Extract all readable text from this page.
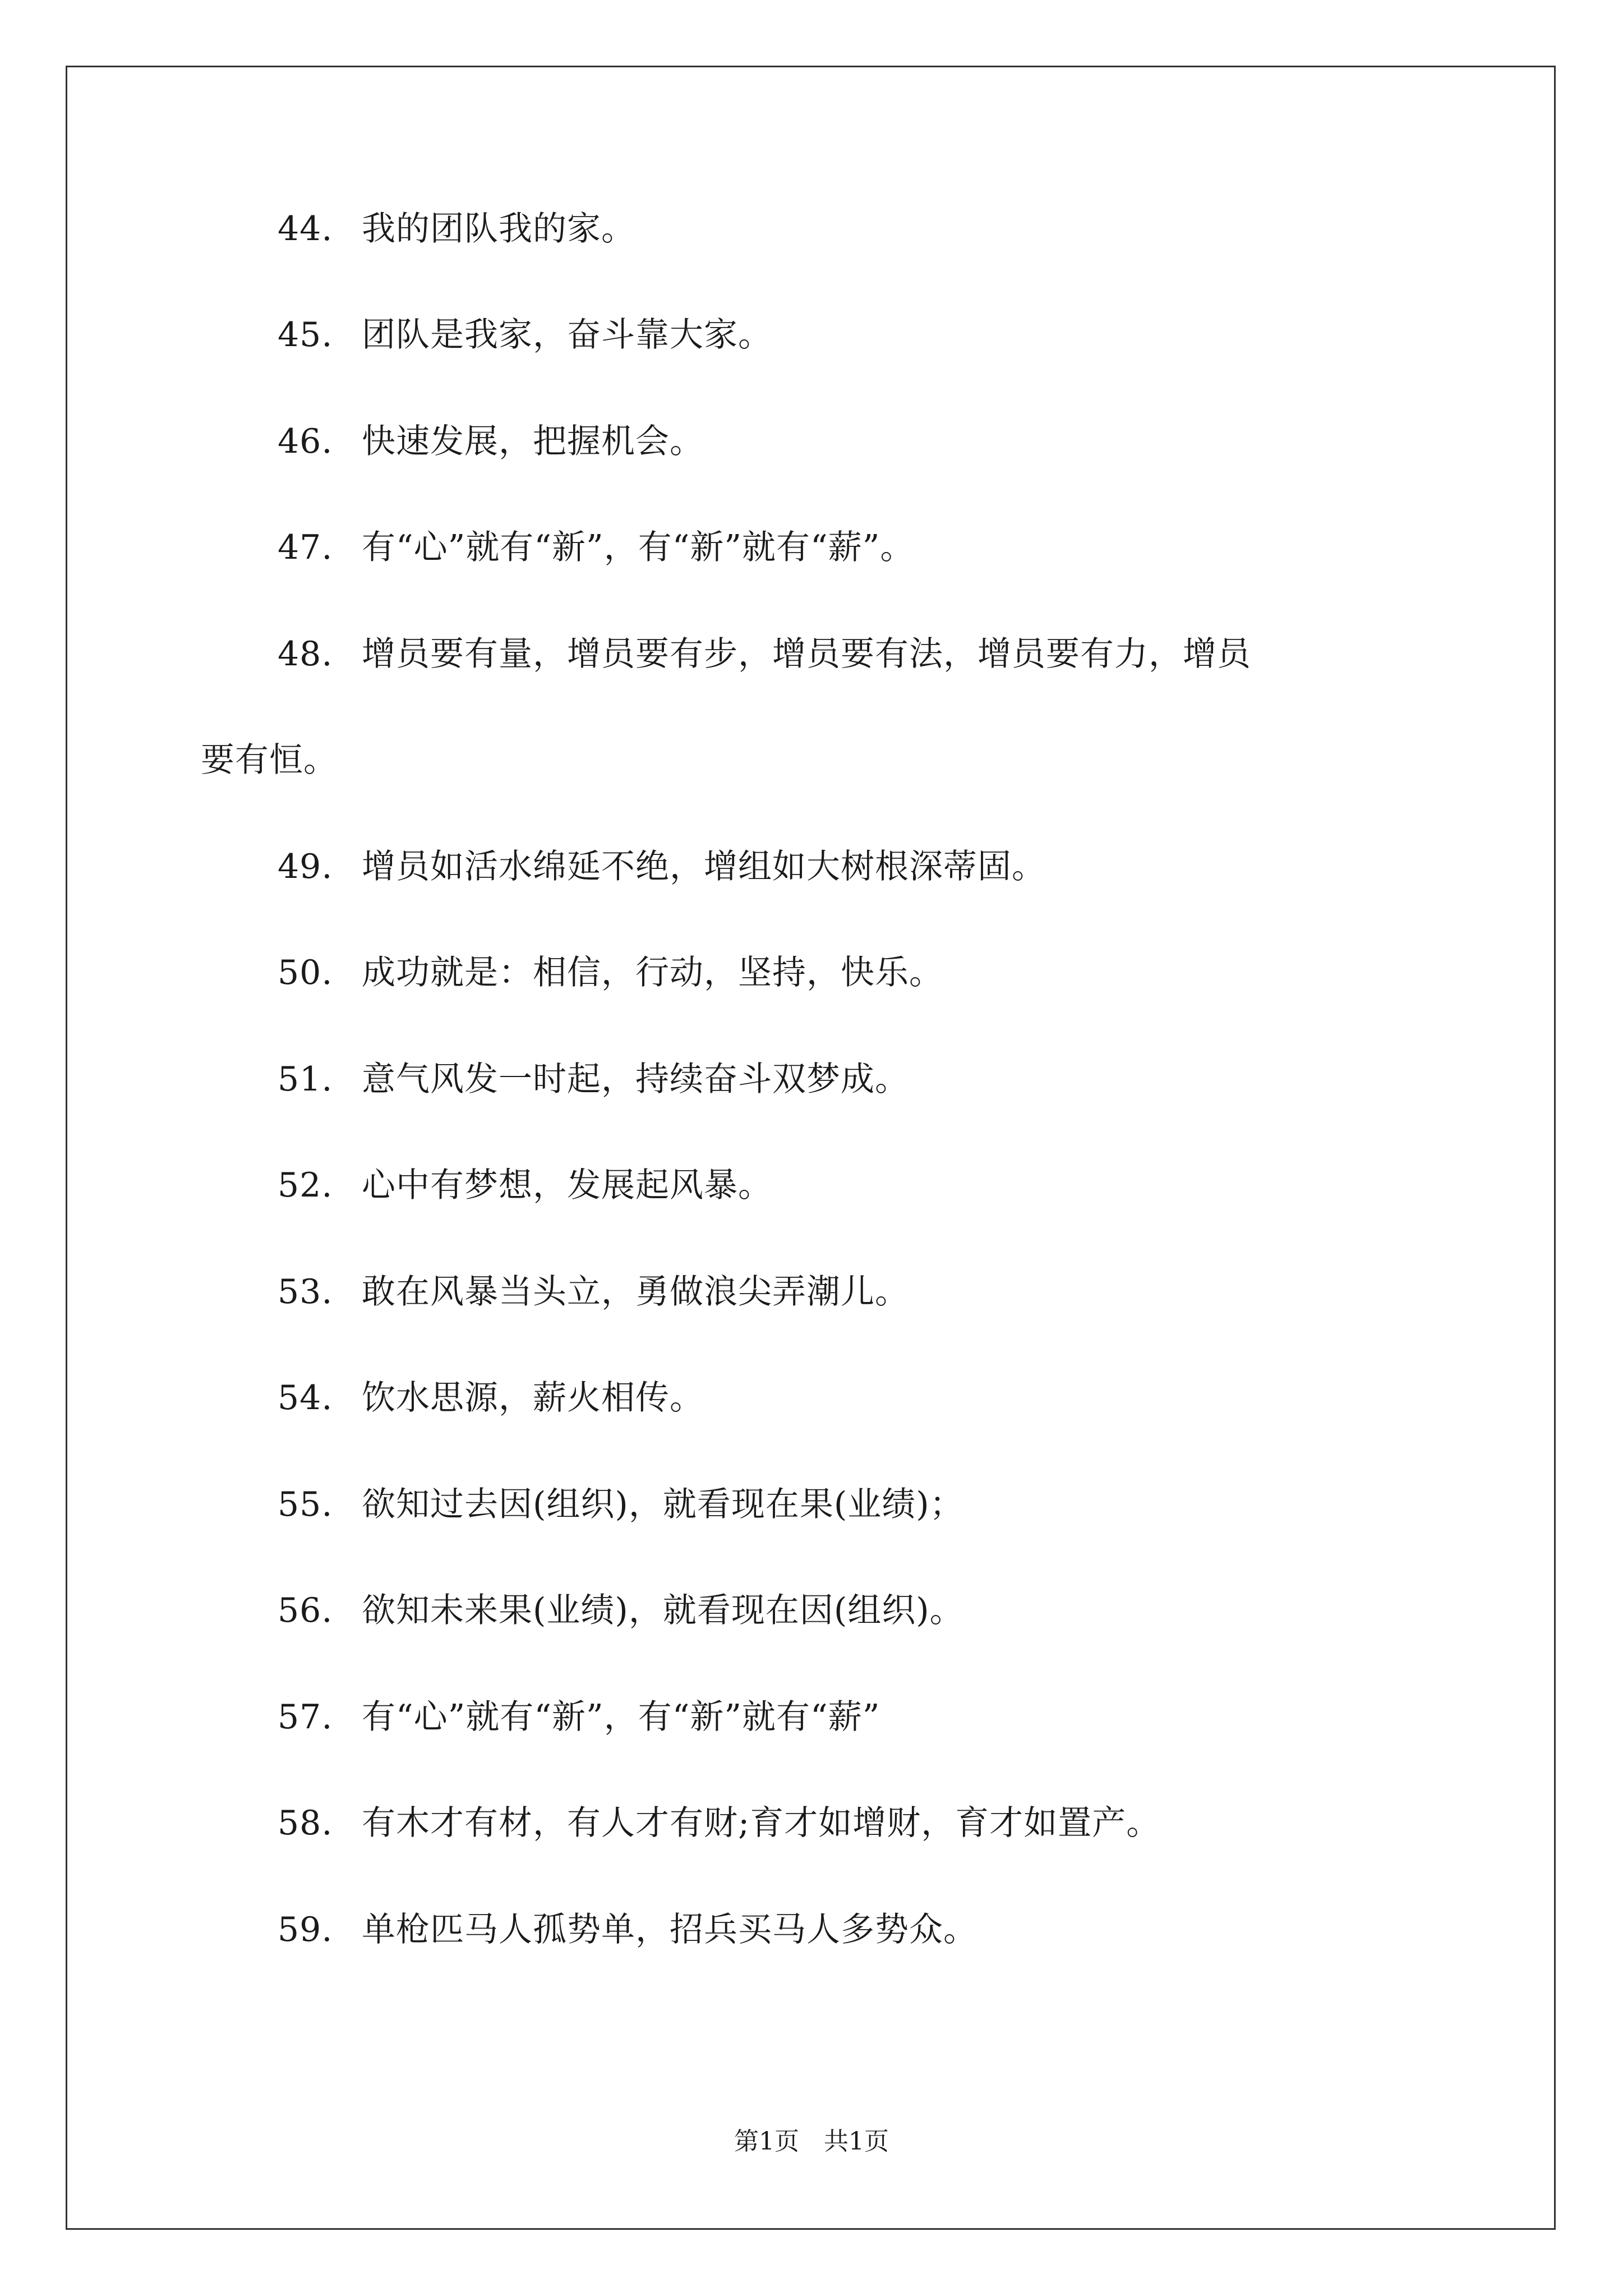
44. 我的团队我的家。
45. 团队是我家，奋斗靠大家。
46. 快速发展，把握机会。
47. 有“心”就有“新”，有“新”就有“薪”。
48. 增员要有量，增员要有步，增员要有法，增员要有力，增员
要有恒。
49. 增员如活水绵延不绝，增组如大树根深蒂固。
50. 成功就是：相信，行动，坚持，快乐。
51. 意气风发一时起，持续奋斗双梦成。
52. 心中有梦想，发展起风暴。
53. 敢在风暴当头立，勇做浪尖弄潮儿。
54. 饮水思源，薪火相传。
55. 欲知过去因(组织)，就看现在果(业绩)；
56. 欲知未来果(业绩)，就看现在因(组织)。
57. 有“心”就有“新”，有“新”就有“薪”
58. 有木才有材，有人才有财;育才如增财，育才如置产。
59. 单枪匹马人孤势单，招兵买马人多势众。
第1页　共1页
